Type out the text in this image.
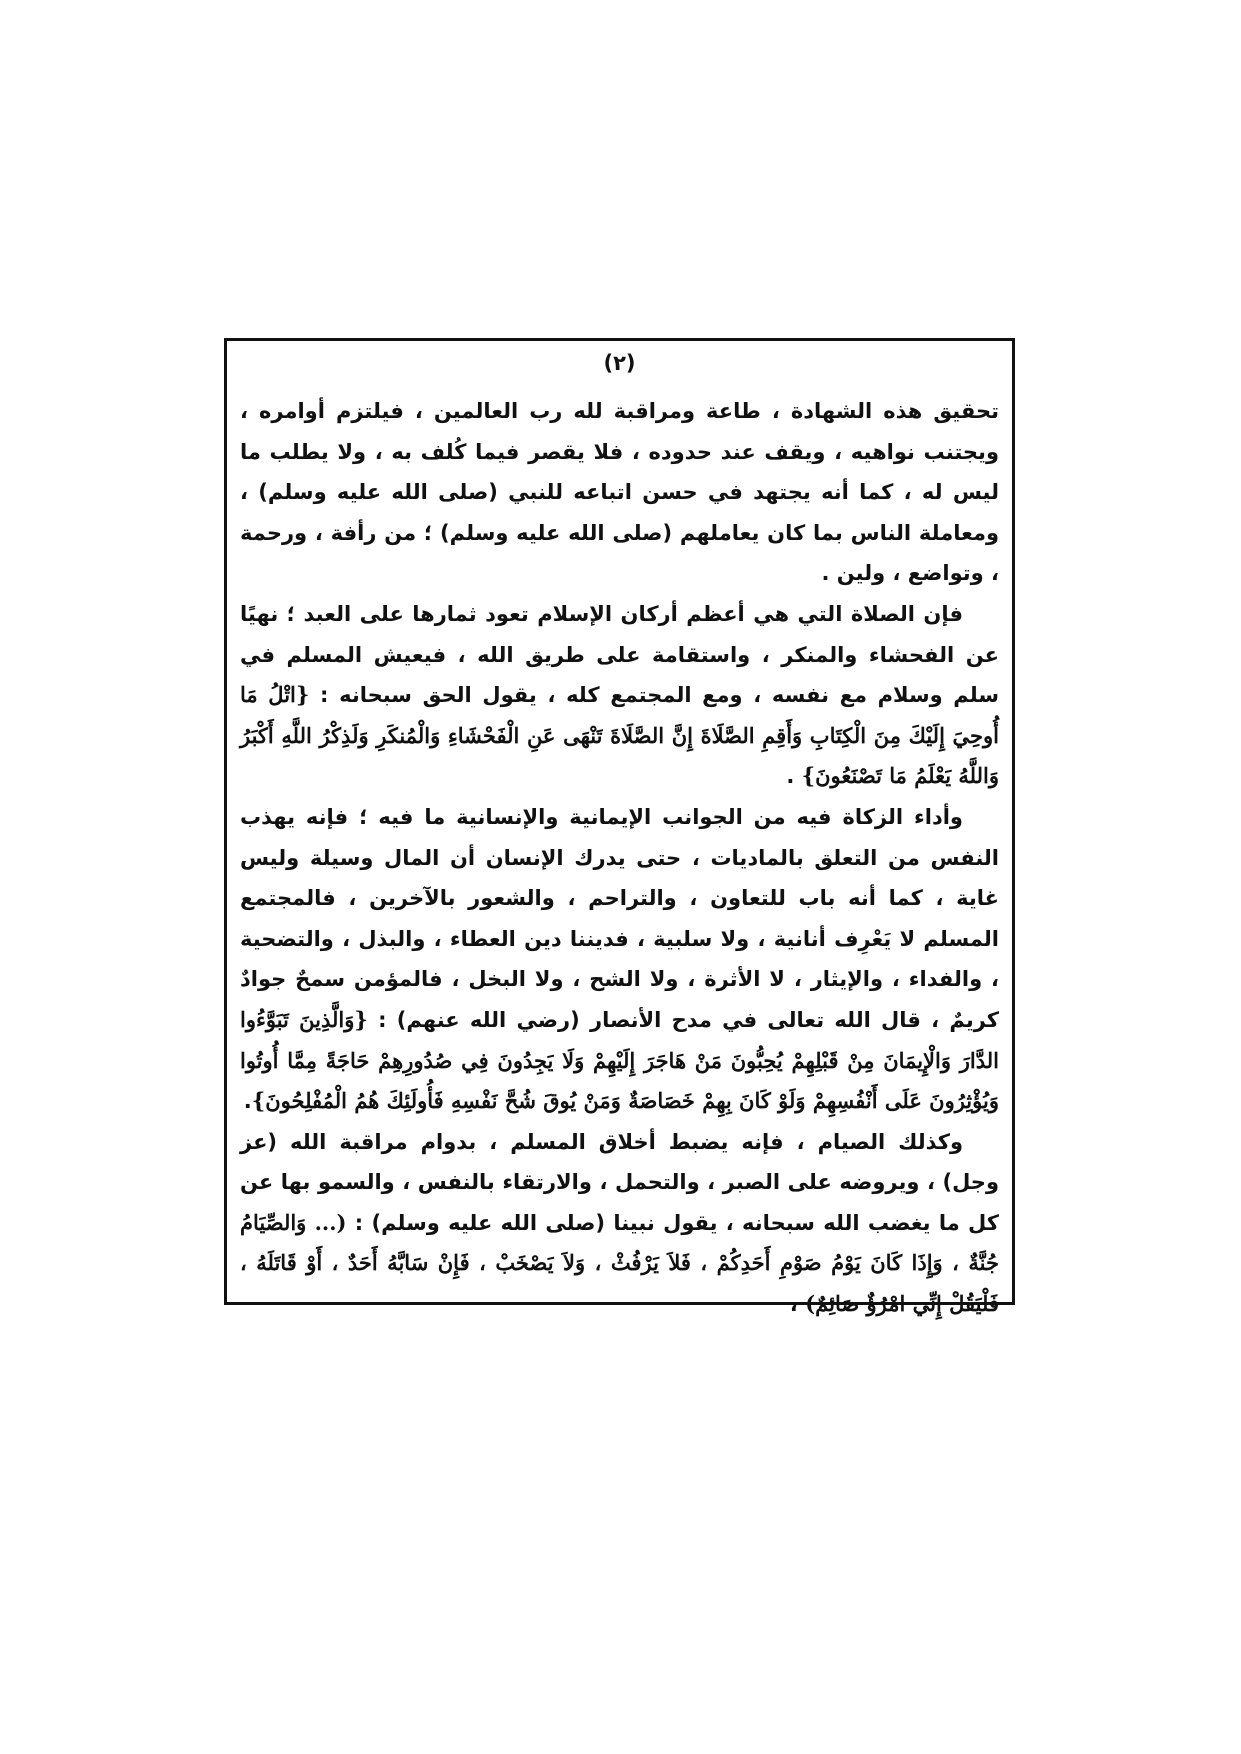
(٢)

تحقيق هذه الشهادة ، طاعة ومراقبة لله رب العالمين ، فيلتزم أوامره ، ويجتنب نواهيه ، ويقف عند حدوده ، فلا يقصر فيما كُلف به ، ولا يطلب ما ليس له ، كما أنه يجتهد في حسن اتباعه للنبي (صلى الله عليه وسلم) ، ومعاملة الناس بما كان يعاملهم (صلى الله عليه وسلم) ؛ من رأفة ، ورحمة ، وتواضع ، ولين .

فإن الصلاة التي هي أعظم أركان الإسلام تعود ثمارها على العبد ؛ نهيًا عن الفحشاء والمنكر ، واستقامة على طريق الله ، فيعيش المسلم في سلم وسلام مع نفسه ، ومع المجتمع كله ، يقول الحق سبحانه : {اتْلُ مَا أُوحِيَ إِلَيْكَ مِنَ الْكِتَابِ وَأَقِمِ الصَّلَاةَ إِنَّ الصَّلَاةَ تَنْهَى عَنِ الْفَحْشَاءِ وَالْمُنكَرِ وَلَذِكْرُ اللَّهِ أَكْبَرُ وَاللَّهُ يَعْلَمُ مَا تَصْنَعُونَ} .

وأداء الزكاة فيه من الجوانب الإيمانية والإنسانية ما فيه ؛ فإنه يهذب النفس من التعلق بالماديات ، حتى يدرك الإنسان أن المال وسيلة وليس غاية ، كما أنه باب للتعاون ، والتراحم ، والشعور بالآخرين ، فالمجتمع المسلم لا يَعْرِف أنانية ، ولا سلبية ، فديننا دين العطاء ، والبذل ، والتضحية ، والفداء ، والإيثار ، لا الأثرة ، ولا الشح ، ولا البخل ، فالمؤمن سمحٌ جوادٌ كريمٌ ، قال الله تعالى في مدح الأنصار (رضي الله عنهم) : {وَالَّذِينَ تَبَوَّءُوا الدَّارَ وَالْإِيمَانَ مِنْ قَبْلِهِمْ يُحِبُّونَ مَنْ هَاجَرَ إِلَيْهِمْ وَلَا يَجِدُونَ فِي صُدُورِهِمْ حَاجَةً مِمَّا أُوتُوا وَيُؤْثِرُونَ عَلَى أَنْفُسِهِمْ وَلَوْ كَانَ بِهِمْ خَصَاصَةٌ وَمَنْ يُوقَ شُحَّ نَفْسِهِ فَأُولَئِكَ هُمُ الْمُفْلِحُونَ}.

وكذلك الصيام ، فإنه يضبط أخلاق المسلم ، بدوام مراقبة الله (عز وجل) ، ويروضه على الصبر ، والتحمل ، والارتقاء بالنفس ، والسمو بها عن كل ما يغضب الله سبحانه ، يقول نبينا (صلى الله عليه وسلم) : (... وَالصِّيَامُ جُنَّةٌ ، وَإِذَا كَانَ يَوْمُ صَوْمِ أَحَدِكُمْ ، فَلاَ يَرْفُثْ ، وَلاَ يَصْخَبْ ، فَإِنْ سَابَّهُ أَحَدٌ ، أَوْ قَاتَلَهُ ، فَلْيَقُلْ إِنِّي امْرُؤٌ صَائِمٌ) ،
